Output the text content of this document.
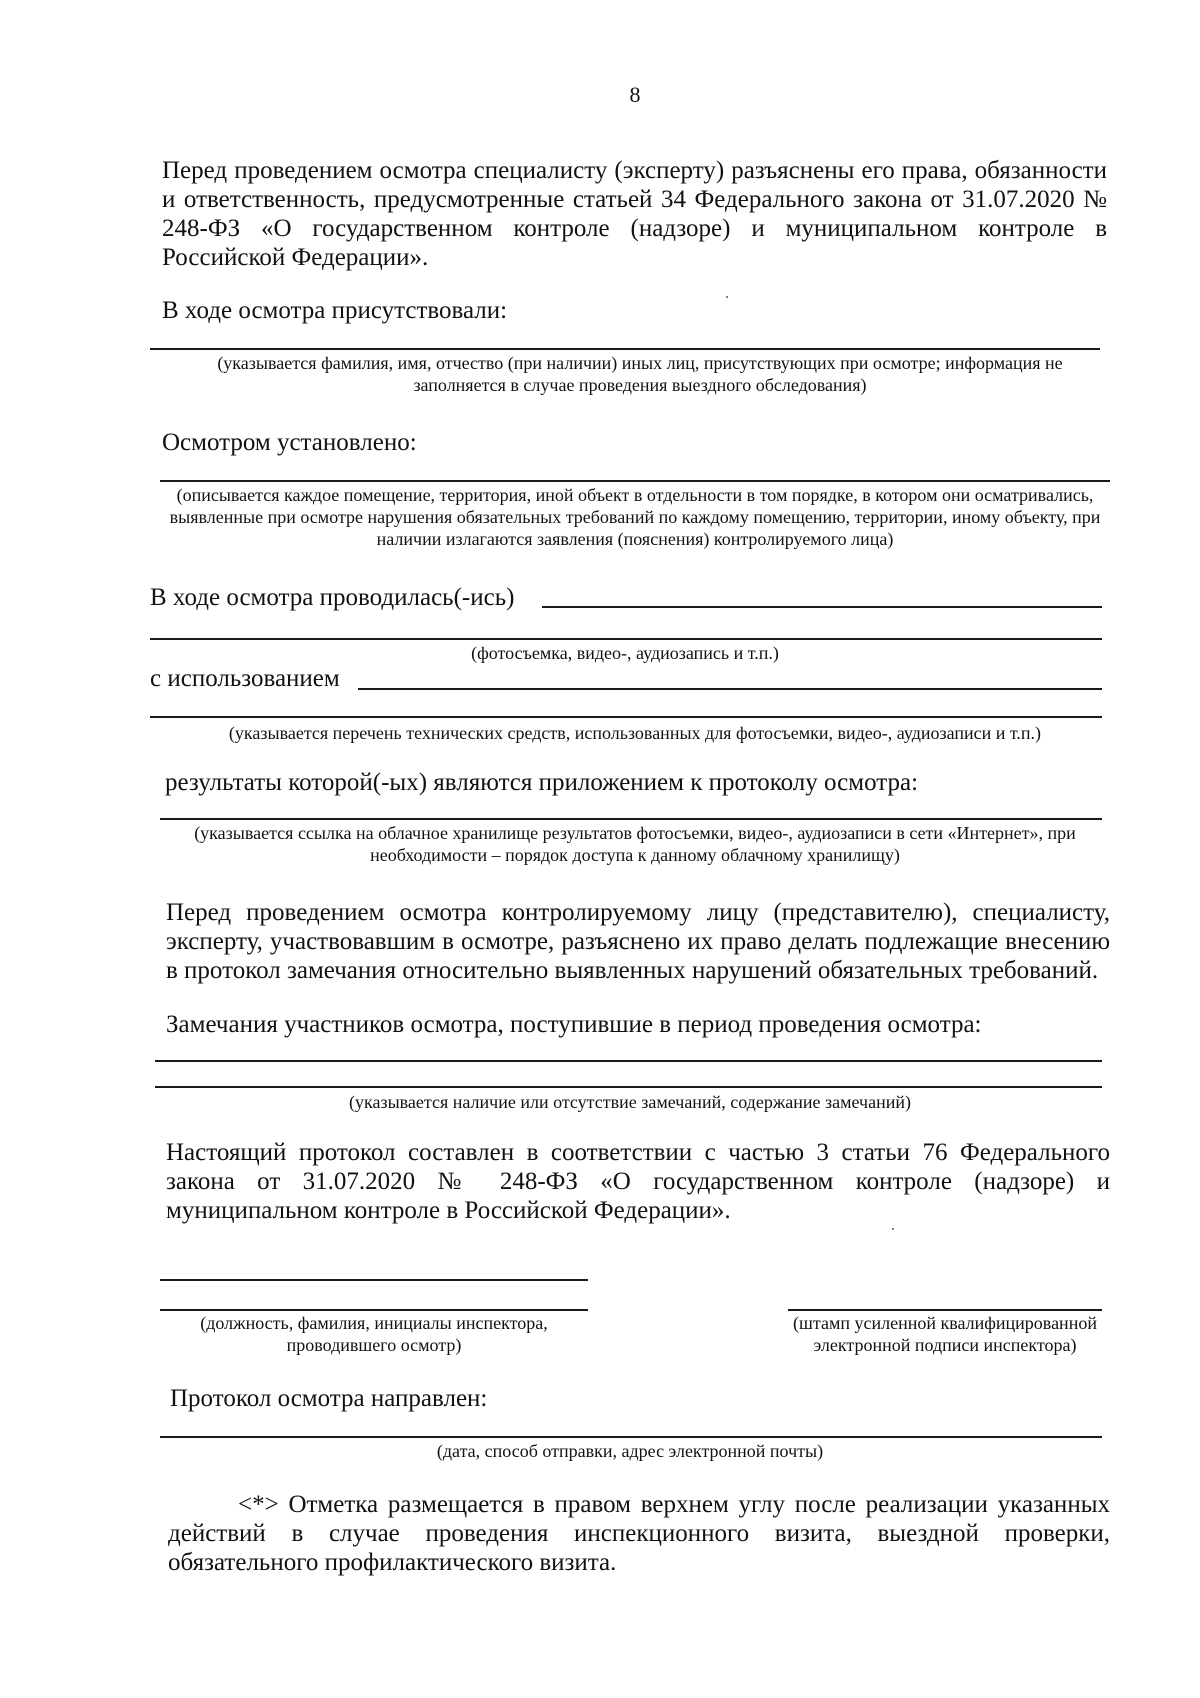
8

Перед проведением осмотра специалисту (эксперту) разъяснены его права, обязанности и ответственность, предусмотренные статьей 34 Федерального закона от 31.07.2020 № 248-ФЗ «О государственном контроле (надзоре) и муниципальном контроле в Российской Федерации».

В ходе осмотра присутствовали:
(указывается фамилия, имя, отчество (при наличии) иных лиц, присутствующих при осмотре; информация не заполняется в случае проведения выездного обследования)
Осмотром установлено:
(описывается каждое помещение, территория, иной объект в отдельности в том порядке, в котором они осматривались, выявленные при осмотре нарушения обязательных требований по каждому помещению, территории, иному объекту, при наличии излагаются заявления (пояснения) контролируемого лица)
В ходе осмотра проводилась(-ись)
(фотосъемка, видео-, аудиозапись и т.п.)
с использованием
(указывается перечень технических средств, использованных для фотосъемки, видео-, аудиозаписи и т.п.)
результаты которой(-ых) являются приложением к протоколу осмотра:
(указывается ссылка на облачное хранилище результатов фотосъемки, видео-, аудиозаписи в сети «Интернет», при необходимости – порядок доступа к данному облачному хранилищу)

Перед проведением осмотра контролируемому лицу (представителю), специалисту, эксперту, участвовавшим в осмотре, разъяснено их право делать подлежащие внесению в протокол замечания относительно выявленных нарушений обязательных требований.

Замечания участников осмотра, поступившие в период проведения осмотра:
(указывается наличие или отсутствие замечаний, содержание замечаний)

Настоящий протокол составлен в соответствии с частью 3 статьи 76 Федерального закона от 31.07.2020 № 248-ФЗ «О государственном контроле (надзоре) и муниципальном контроле в Российской Федерации».

(должность, фамилия, инициалы инспектора, проводившего осмотр)
(штамп усиленной квалифицированной электронной подписи инспектора)
Протокол осмотра направлен:
(дата, способ отправки, адрес электронной почты)

<*> Отметка размещается в правом верхнем углу после реализации указанных действий в случае проведения инспекционного визита, выездной проверки, обязательного профилактического визита.
